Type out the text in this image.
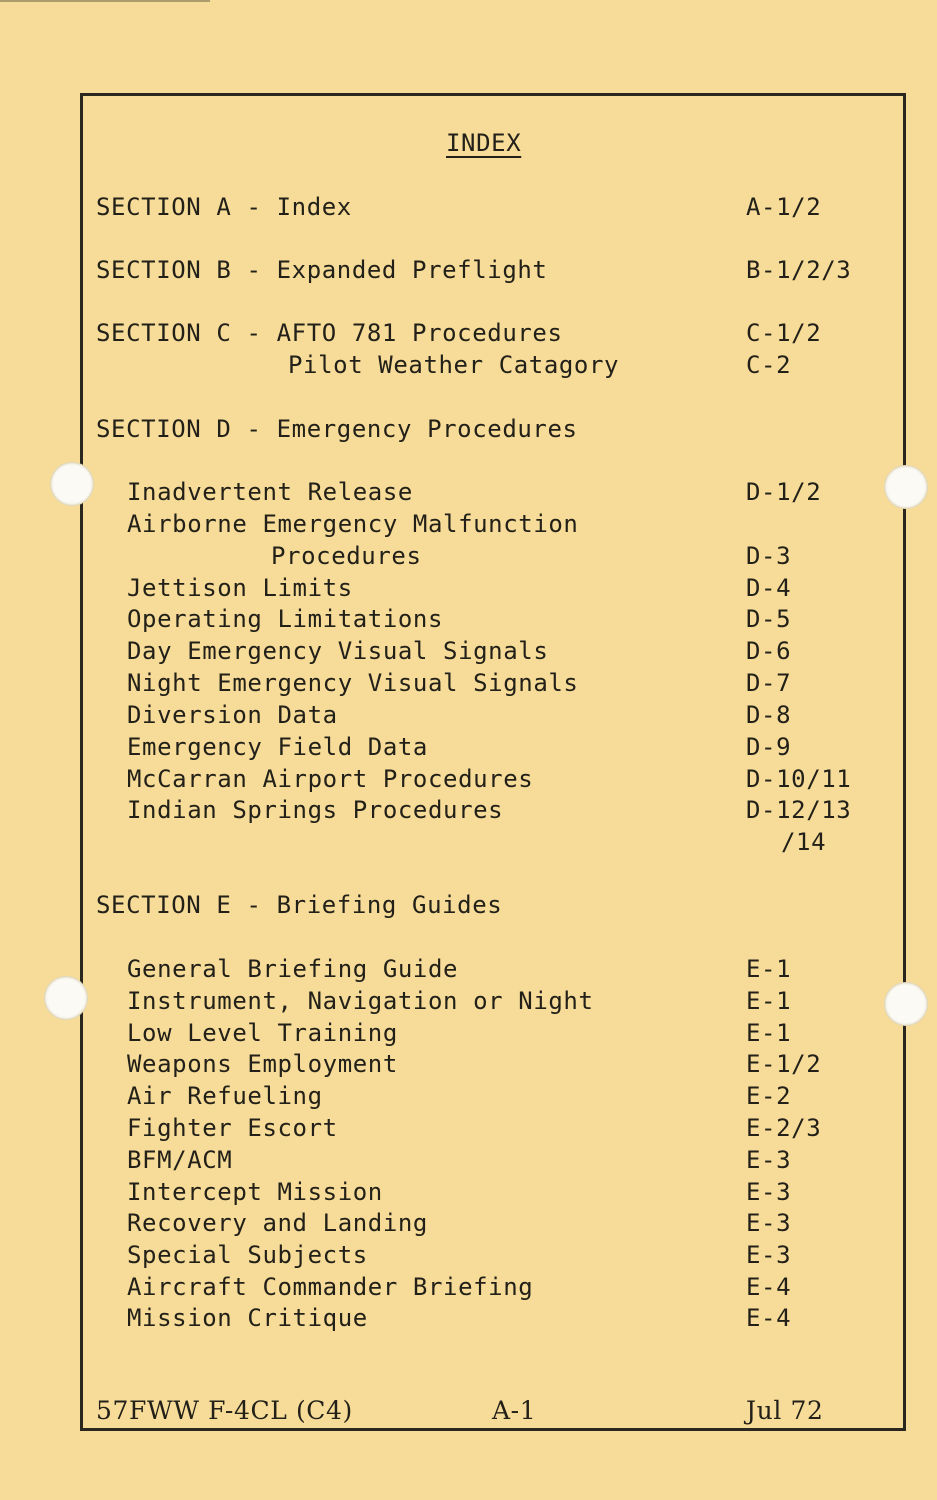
INDEX
SECTION A - Index	A-1/2
SECTION B - Expanded Preflight	B-1/2/3
SECTION C - AFTO 781 Procedures	C-1/2
Pilot Weather Catagory	C-2
SECTION D - Emergency Procedures
Inadvertent Release	D-1/2
Airborne Emergency Malfunction
Procedures	D-3
Jettison Limits	D-4
Operating Limitations	D-5
Day Emergency Visual Signals	D-6
Night Emergency Visual Signals	D-7
Diversion Data	D-8
Emergency Field Data	D-9
McCarran Airport Procedures	D-10/11
Indian Springs Procedures	D-12/13
/14
SECTION E - Briefing Guides
General Briefing Guide	E-1
Instrument, Navigation or Night	E-1
Low Level Training	E-1
Weapons Employment	E-1/2
Air Refueling	E-2
Fighter Escort	E-2/3
BFM/ACM	E-3
Intercept Mission	E-3
Recovery and Landing	E-3
Special Subjects	E-3
Aircraft Commander Briefing	E-4
Mission Critique	E-4
57FWW F-4CL (C4)	A-1	Jul 72
